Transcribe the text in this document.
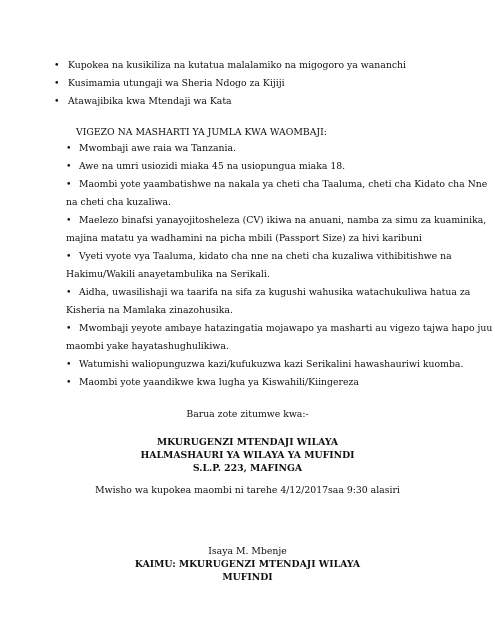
• Kupokea na kusikiliza na kutatua malalamiko na migogoro ya wananchi
• Kusimamia utungaji wa Sheria Ndogo za Kijiji
• Atawajibika kwa Mtendaji wa Kata
VIGEZO NA MASHARTI YA JUMLA KWA WAOMBAJI:
• Mwombaji awe raia wa Tanzania.
• Awe na umri usiozidi miaka 45 na usiopungua miaka 18.
• Maombi yote yaambatishwe na nakala ya cheti cha Taaluma, cheti cha Kidato cha Nne
na cheti cha kuzaliwa.
• Maelezo binafsi yanayojitosheleza (CV) ikiwa na anuani, namba za simu za kuaminika,
majina matatu ya wadhamini na picha mbili (Passport Size) za hivi karibuni
• Vyeti vyote vya Taaluma, kidato cha nne na cheti cha kuzaliwa vithibitishwe na
Hakimu/Wakili anayetambulika na Serikali.
• Aidha, uwasilishaji wa taarifa na sifa za kugushi wahusika watachukuliwa hatua za
Kisheria na Mamlaka zinazohusika.
• Mwombaji yeyote ambaye hatazingatia mojawapo ya masharti au vigezo tajwa hapo juu
maombi yake hayatashughulikiwa.
• Watumishi waliopunguzwa kazi/kufukuzwa kazi Serikalini hawashauriwi kuomba.
• Maombi yote yaandikwe kwa lugha ya Kiswahili/Kiingereza
Barua zote zitumwe kwa:-
MKURUGENZI MTENDAJI WILAYA
HALMASHAURI YA WILAYA YA MUFINDI
S.L.P. 223, MAFINGA
Mwisho wa kupokea maombi ni tarehe 4/12/2017saa 9:30 alasiri
Isaya M. Mbenje
KAIMU: MKURUGENZI MTENDAJI WILAYA
MUFINDI
